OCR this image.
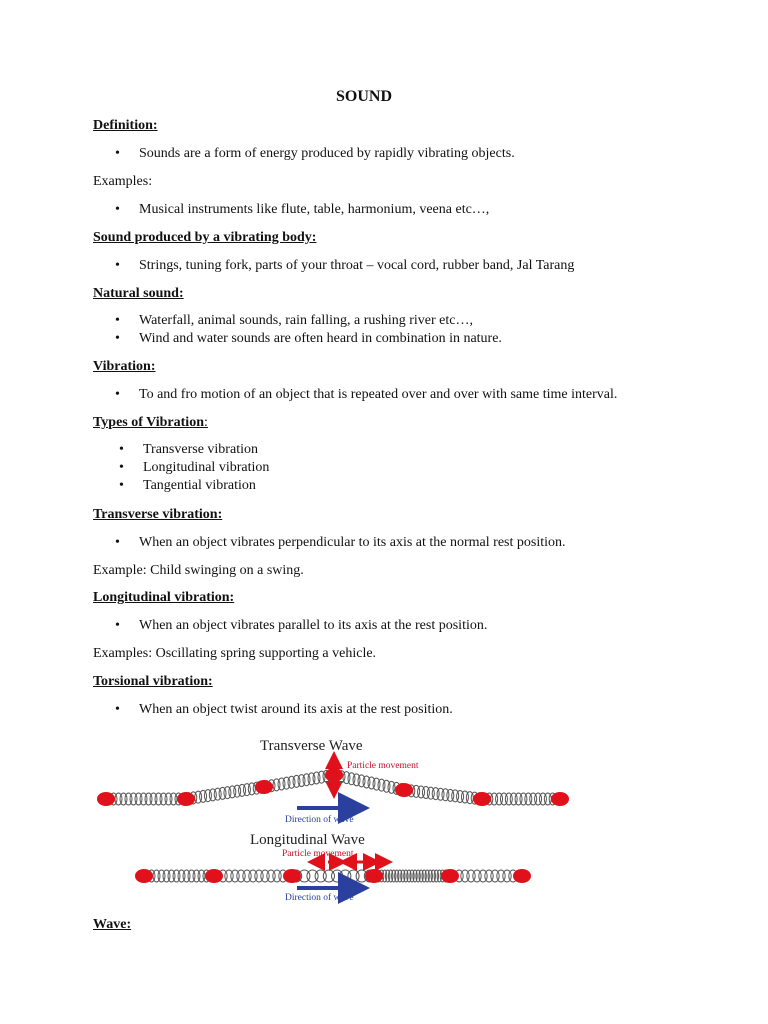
SOUND
Definition:
• Sounds are a form of energy produced by rapidly vibrating objects.
Examples:
• Musical instruments like flute, table, harmonium, veena etc…,
Sound produced by a vibrating body:
• Strings, tuning fork, parts of your throat – vocal cord, rubber band, Jal Tarang
Natural sound:
• Waterfall, animal sounds, rain falling, a rushing river etc…,
• Wind and water sounds are often heard in combination in nature.
Vibration:
• To and fro motion of an object that is repeated over and over with same time interval.
Types of Vibration:
• Transverse vibration
• Longitudinal vibration
• Tangential vibration
Transverse vibration:
• When an object vibrates perpendicular to its axis at the normal rest position.
Example: Child swinging on a swing.
Longitudinal vibration:
• When an object vibrates parallel to its axis at the rest position.
Examples: Oscillating spring supporting a vehicle.
Torsional vibration:
• When an object twist around its axis at the rest position.
Transverse Wave
Particle movement
Direction of wave
Longitudinal Wave
Particle movement
Direction of wave
Wave:
